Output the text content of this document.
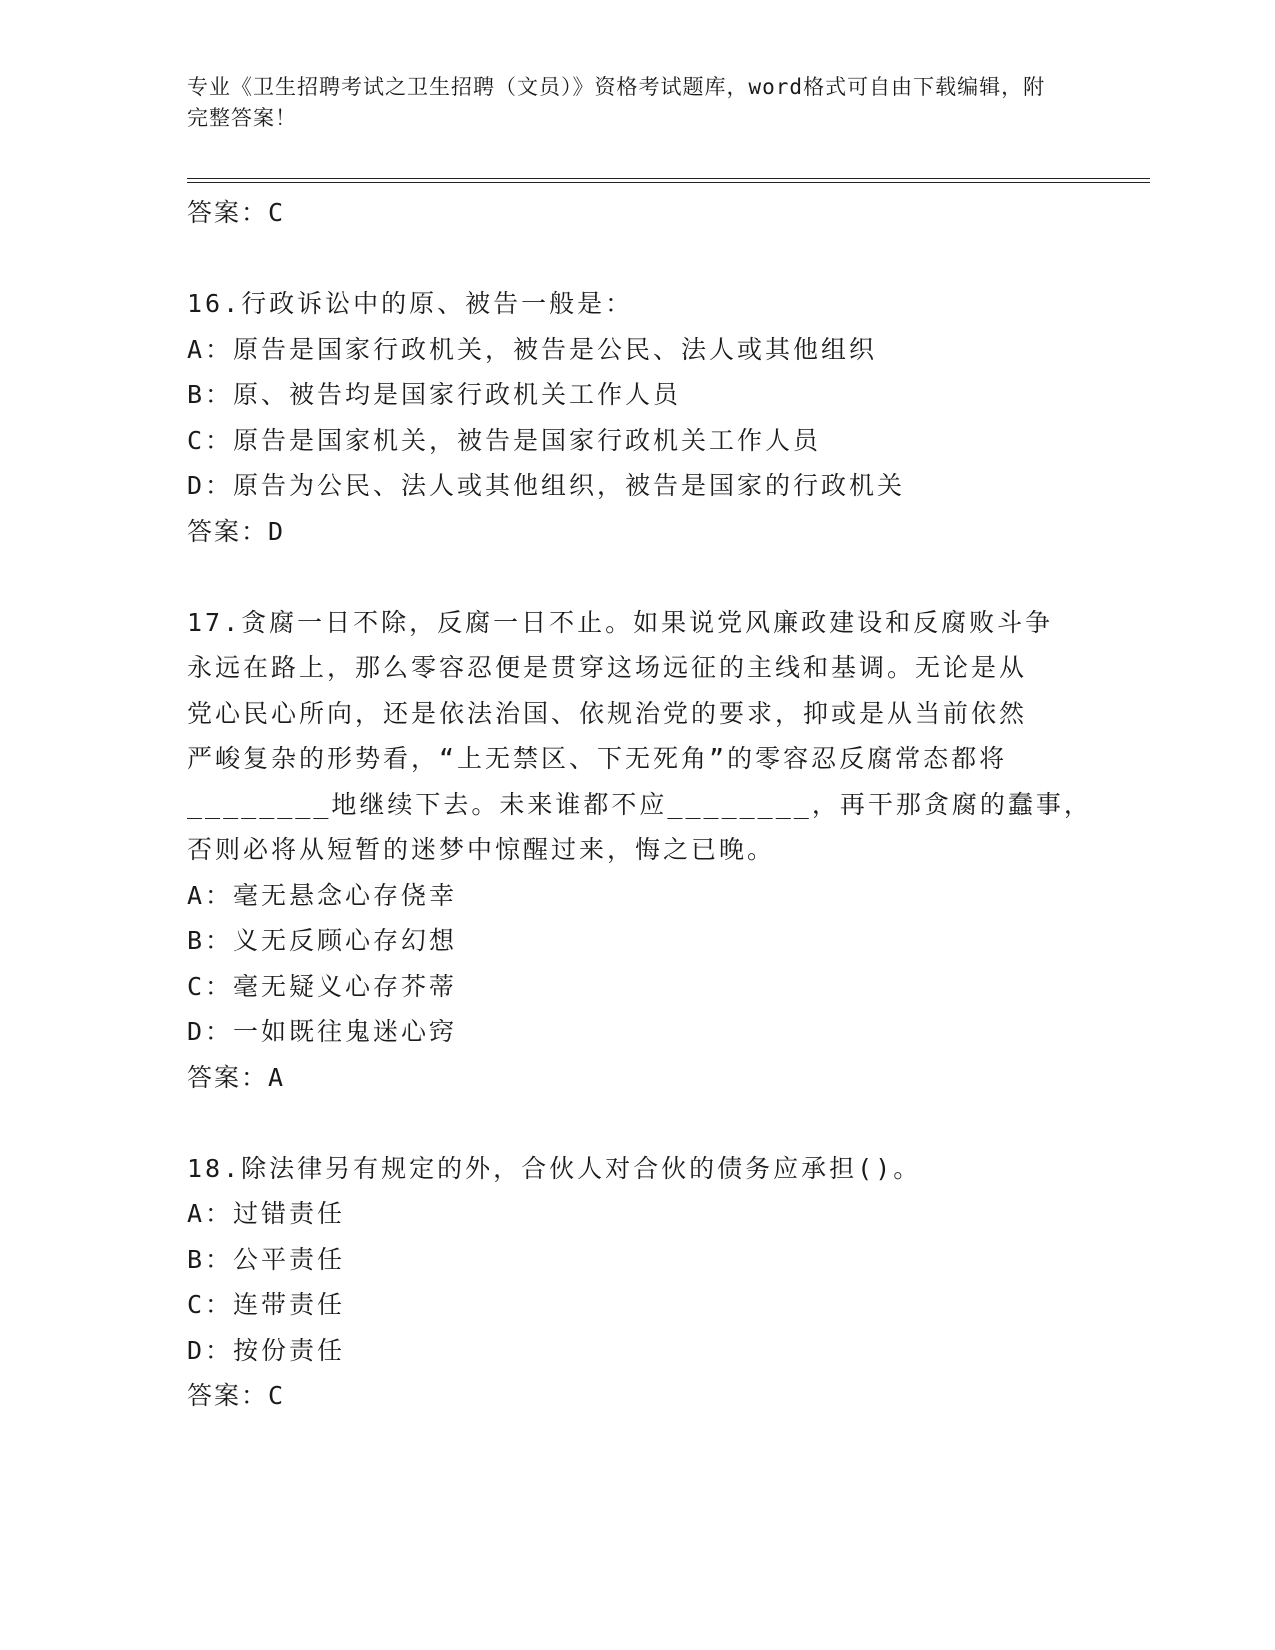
专业《卫生招聘考试之卫生招聘（文员）》资格考试题库，word格式可自由下载编辑，附完整答案！
答案：C
16.行政诉讼中的原、被告一般是：
A：原告是国家行政机关，被告是公民、法人或其他组织
B：原、被告均是国家行政机关工作人员
C：原告是国家机关，被告是国家行政机关工作人员
D：原告为公民、法人或其他组织，被告是国家的行政机关
答案：D
17.贪腐一日不除，反腐一日不止。如果说党风廉政建设和反腐败斗争
永远在路上，那么零容忍便是贯穿这场远征的主线和基调。无论是从
党心民心所向，还是依法治国、依规治党的要求，抑或是从当前依然
严峻复杂的形势看，“上无禁区、下无死角”的零容忍反腐常态都将
________地继续下去。未来谁都不应________，再干那贪腐的蠢事，
否则必将从短暂的迷梦中惊醒过来，悔之已晚。
A：毫无悬念心存侥幸
B：义无反顾心存幻想
C：毫无疑义心存芥蒂
D：一如既往鬼迷心窍
答案：A
18.除法律另有规定的外，合伙人对合伙的债务应承担()。
A：过错责任
B：公平责任
C：连带责任
D：按份责任
答案：C
